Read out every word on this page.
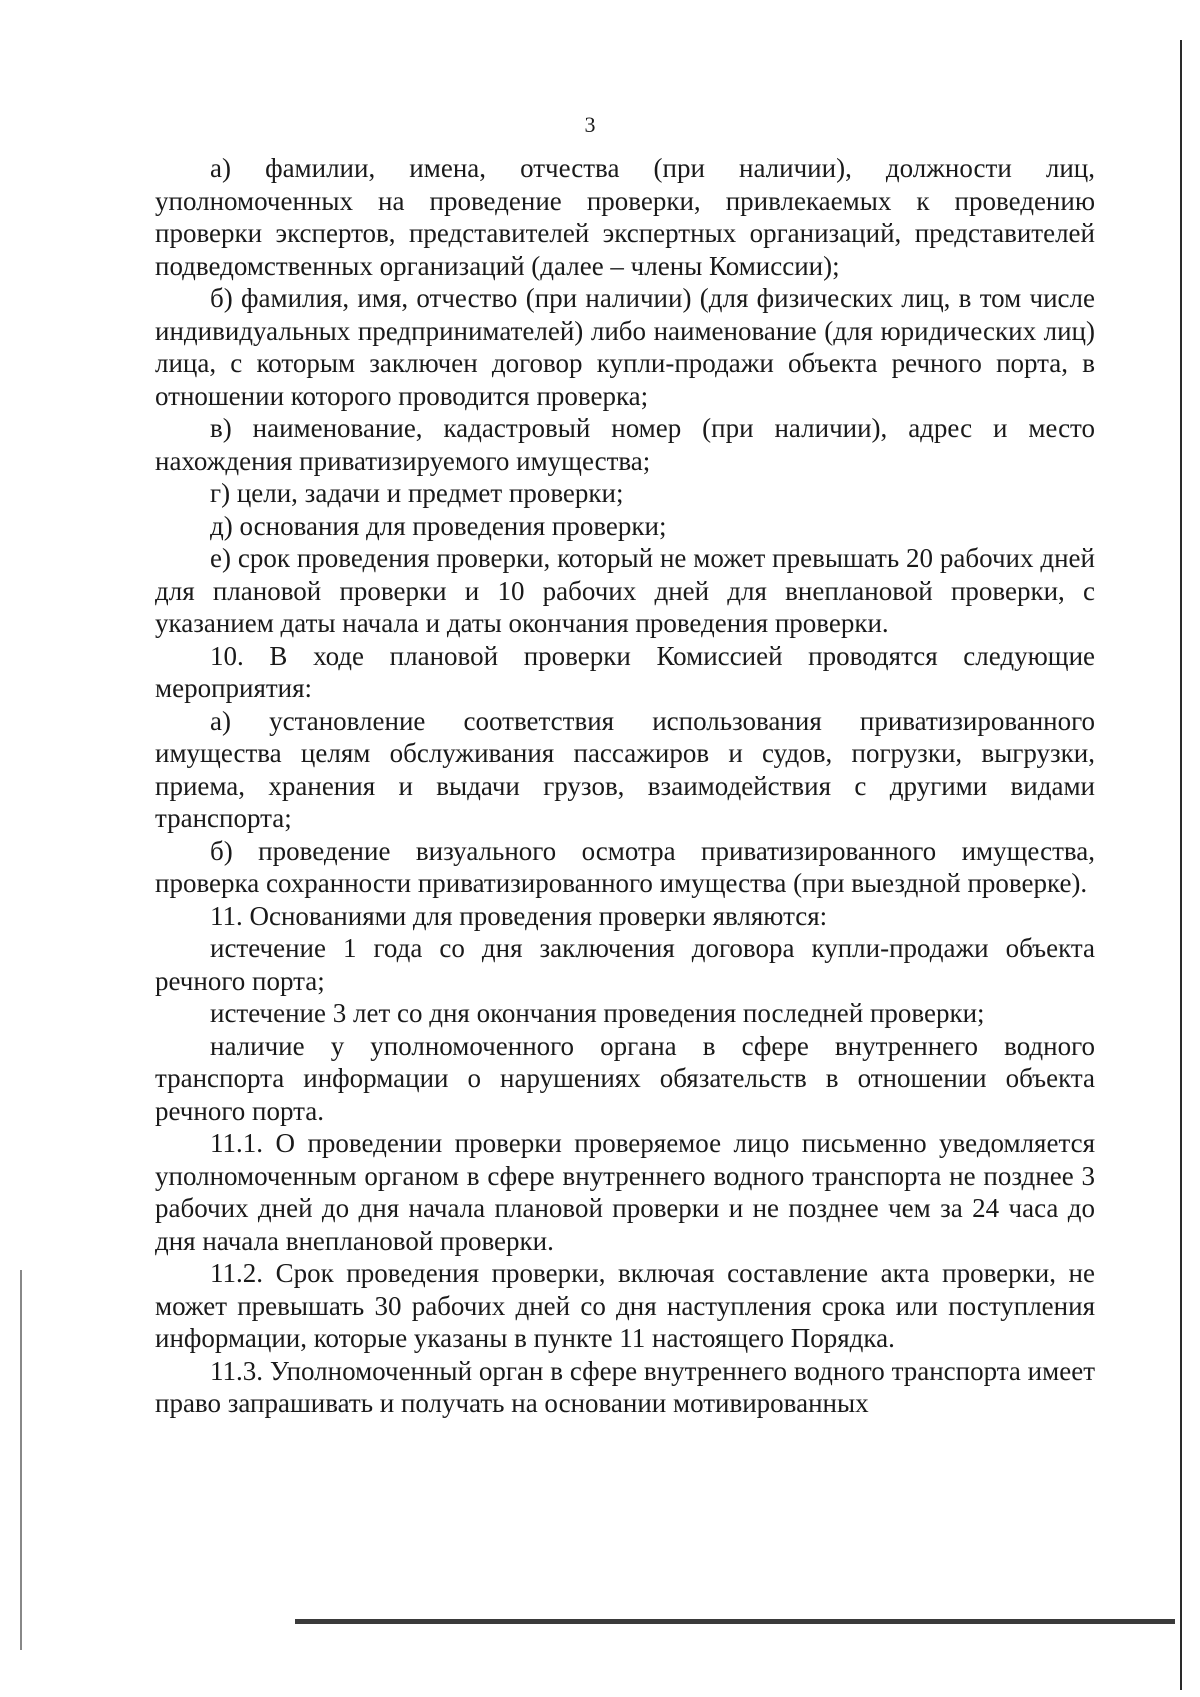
3

а) фамилии, имена, отчества (при наличии), должности лиц, уполномоченных на проведение проверки, привлекаемых к проведению проверки экспертов, представителей экспертных организаций, представителей подведомственных организаций (далее – члены Комиссии);

б) фамилия, имя, отчество (при наличии) (для физических лиц, в том числе индивидуальных предпринимателей) либо наименование (для юридических лиц) лица, с которым заключен договор купли-продажи объекта речного порта, в отношении которого проводится проверка;

в) наименование, кадастровый номер (при наличии), адрес и место нахождения приватизируемого имущества;

г) цели, задачи и предмет проверки;

д) основания для проведения проверки;

е) срок проведения проверки, который не может превышать 20 рабочих дней для плановой проверки и 10 рабочих дней для внеплановой проверки, с указанием даты начала и даты окончания проведения проверки.

10. В ходе плановой проверки Комиссией проводятся следующие мероприятия:

а) установление соответствия использования приватизированного имущества целям обслуживания пассажиров и судов, погрузки, выгрузки, приема, хранения и выдачи грузов, взаимодействия с другими видами транспорта;

б) проведение визуального осмотра приватизированного имущества, проверка сохранности приватизированного имущества (при выездной проверке).

11. Основаниями для проведения проверки являются:

истечение 1 года со дня заключения договора купли-продажи объекта речного порта;

истечение 3 лет со дня окончания проведения последней проверки;

наличие у уполномоченного органа в сфере внутреннего водного транспорта информации о нарушениях обязательств в отношении объекта речного порта.

11.1. О проведении проверки проверяемое лицо письменно уведомляется уполномоченным органом в сфере внутреннего водного транспорта не позднее 3 рабочих дней до дня начала плановой проверки и не позднее чем за 24 часа до дня начала внеплановой проверки.

11.2. Срок проведения проверки, включая составление акта проверки, не может превышать 30 рабочих дней со дня наступления срока или поступления информации, которые указаны в пункте 11 настоящего Порядка.

11.3. Уполномоченный орган в сфере внутреннего водного транспорта имеет право запрашивать и получать на основании мотивированных
